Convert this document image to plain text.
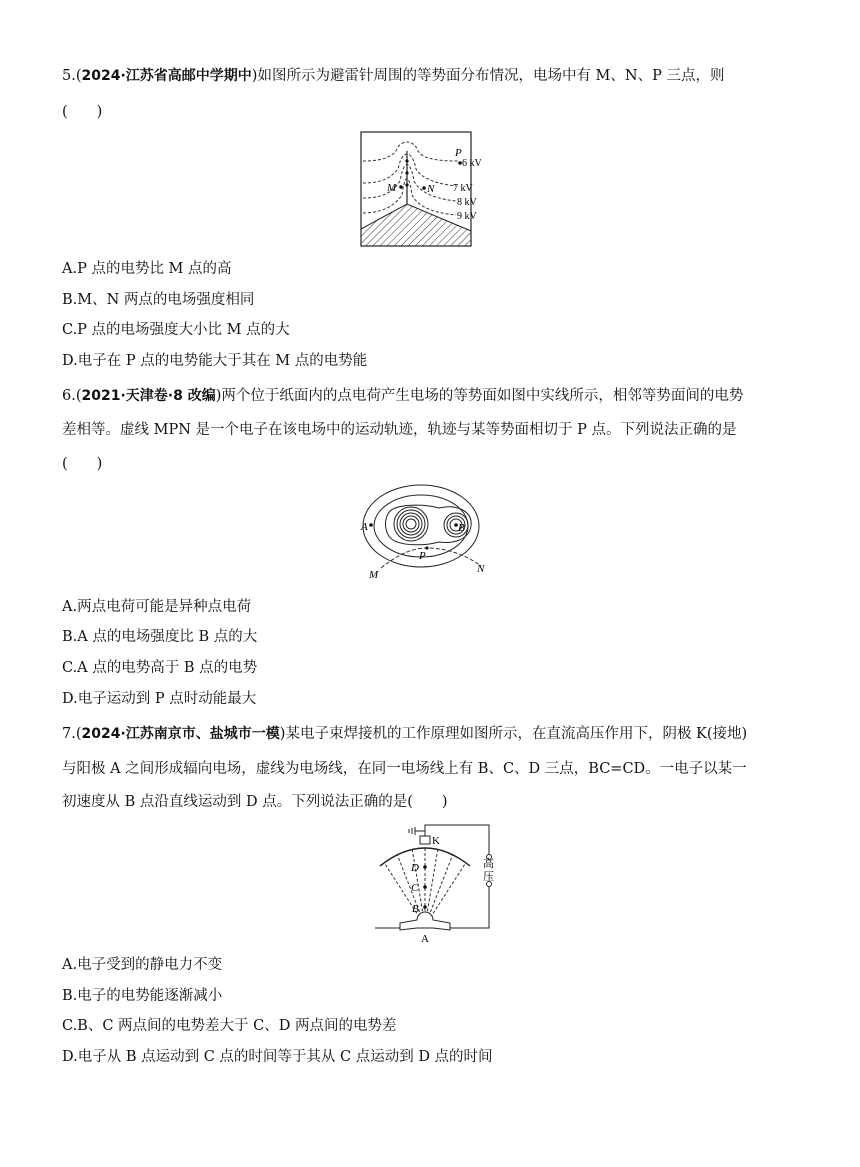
5.(2024·江苏省高邮中学期中)如图所示为避雷针周围的等势面分布情况，电场中有 M、N、P 三点，则
(　　)
P
M	N
6 kV
7 kV
8 kV
9 kV
A.P 点的电势比 M 点的高
B.M、N 两点的电场强度相同
C.P 点的电场强度大小比 M 点的大
D.电子在 P 点的电势能大于其在 M 点的电势能
6.(2021·天津卷·8 改编)两个位于纸面内的点电荷产生电场的等势面如图中实线所示，相邻等势面间的电势
差相等。虚线 MPN 是一个电子在该电场中的运动轨迹，轨迹与某等势面相切于 P 点。下列说法正确的是
(　　)
A	B
P
M	N
A.两点电荷可能是异种点电荷
B.A 点的电场强度比 B 点的大
C.A 点的电势高于 B 点的电势
D.电子运动到 P 点时动能最大
7.(2024·江苏南京市、盐城市一模)某电子束焊接机的工作原理如图所示，在直流高压作用下，阴极 K(接地)
与阳极 A 之间形成辐向电场，虚线为电场线，在同一电场线上有 B、C、D 三点，BC=CD。一电子以某一
初速度从 B 点沿直线运动到 D 点。下列说法正确的是(　　)
K
高
压
D
C
B
A
A.电子受到的静电力不变
B.电子的电势能逐渐减小
C.B、C 两点间的电势差大于 C、D 两点间的电势差
D.电子从 B 点运动到 C 点的时间等于其从 C 点运动到 D 点的时间
